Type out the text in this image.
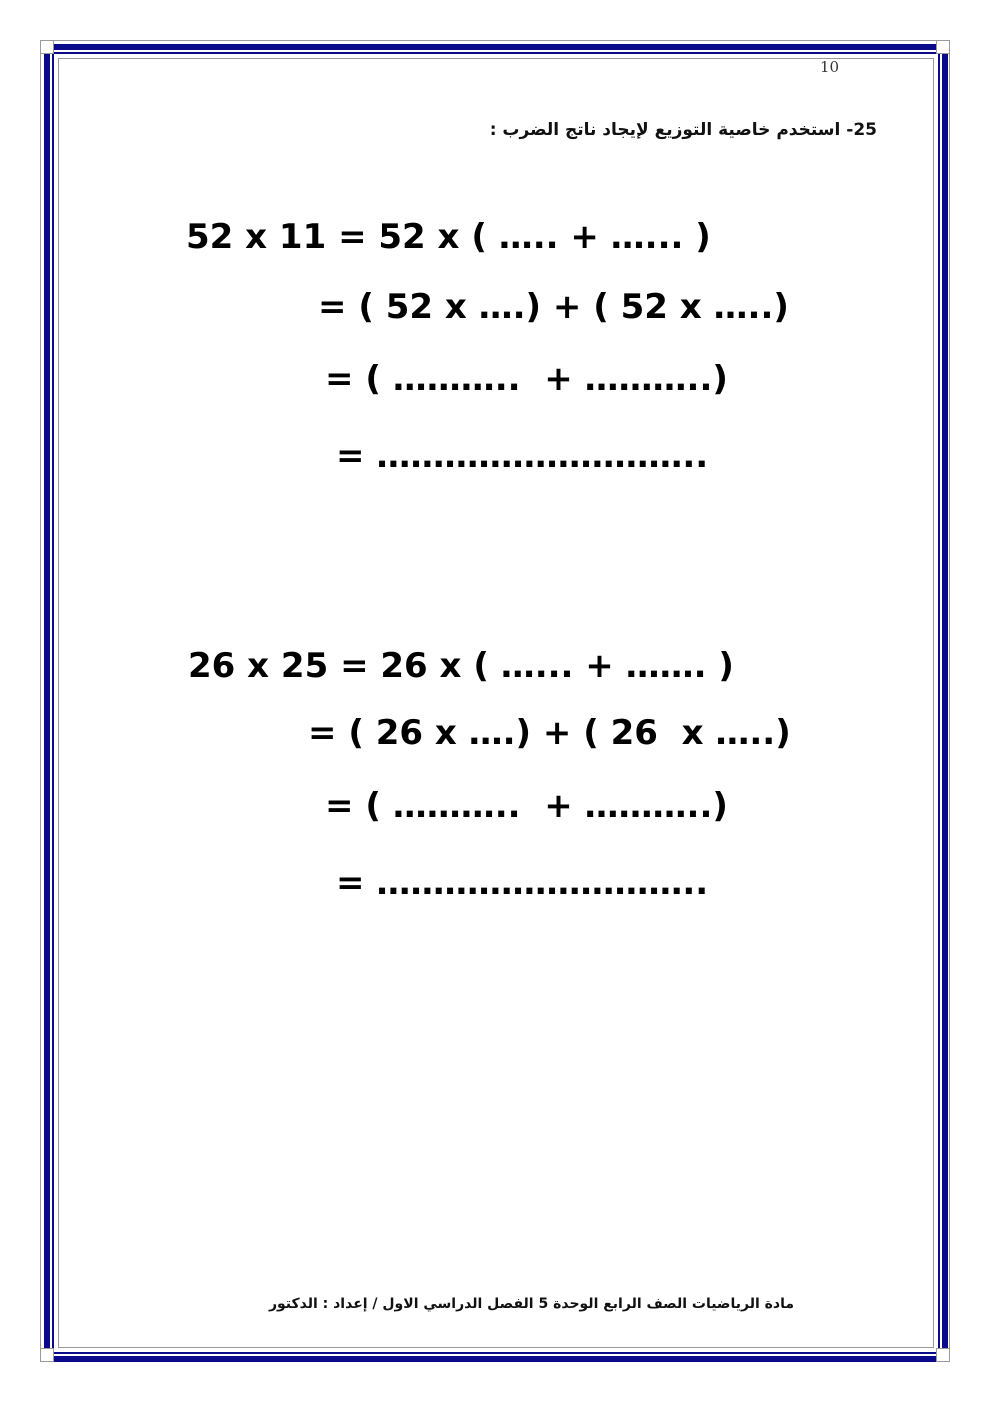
10
25- استخدم خاصية التوزيع لإيجاد ناتج الضرب :
52 x 11 = 52 x ( ….. + …... )
= ( 52 x ….) + ( 52 x …..)
= ( ………..  + ………..)
= ………………………..
26 x 25 = 26 x ( …... + ……. )
= ( 26 x ….) + ( 26  x …..)
= ( ………..  + ………..)
= ………………………..
مادة الرياضيات الصف الرابع الوحدة 5 الفصل الدراسي الاول / إعداد : الدكتور
